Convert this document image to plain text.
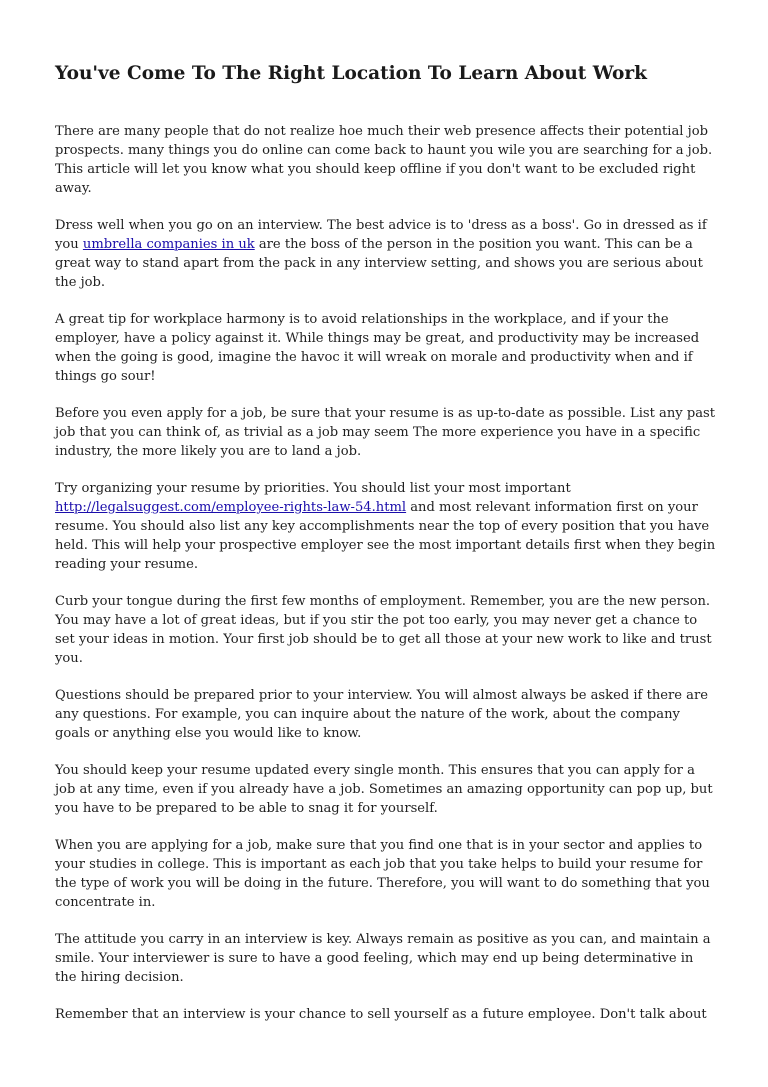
You've Come To The Right Location To Learn About Work

There are many people that do not realize hoe much their web presence affects their potential job prospects. many things you do online can come back to haunt you wile you are searching for a job. This article will let you know what you should keep offline if you don't want to be excluded right away.

Dress well when you go on an interview. The best advice is to 'dress as a boss'. Go in dressed as if you umbrella companies in uk are the boss of the person in the position you want. This can be a great way to stand apart from the pack in any interview setting, and shows you are serious about the job.

A great tip for workplace harmony is to avoid relationships in the workplace, and if your the employer, have a policy against it. While things may be great, and productivity may be increased when the going is good, imagine the havoc it will wreak on morale and productivity when and if things go sour!

Before you even apply for a job, be sure that your resume is as up-to-date as possible. List any past job that you can think of, as trivial as a job may seem The more experience you have in a specific industry, the more likely you are to land a job.

Try organizing your resume by priorities. You should list your most important http://legalsuggest.com/employee-rights-law-54.html and most relevant information first on your resume. You should also list any key accomplishments near the top of every position that you have held. This will help your prospective employer see the most important details first when they begin reading your resume.

Curb your tongue during the first few months of employment. Remember, you are the new person. You may have a lot of great ideas, but if you stir the pot too early, you may never get a chance to set your ideas in motion. Your first job should be to get all those at your new work to like and trust you.

Questions should be prepared prior to your interview. You will almost always be asked if there are any questions. For example, you can inquire about the nature of the work, about the company goals or anything else you would like to know.

You should keep your resume updated every single month. This ensures that you can apply for a job at any time, even if you already have a job. Sometimes an amazing opportunity can pop up, but you have to be prepared to be able to snag it for yourself.

When you are applying for a job, make sure that you find one that is in your sector and applies to your studies in college. This is important as each job that you take helps to build your resume for the type of work you will be doing in the future. Therefore, you will want to do something that you concentrate in.

The attitude you carry in an interview is key. Always remain as positive as you can, and maintain a smile. Your interviewer is sure to have a good feeling, which may end up being determinative in the hiring decision.

Remember that an interview is your chance to sell yourself as a future employee. Don't talk about
